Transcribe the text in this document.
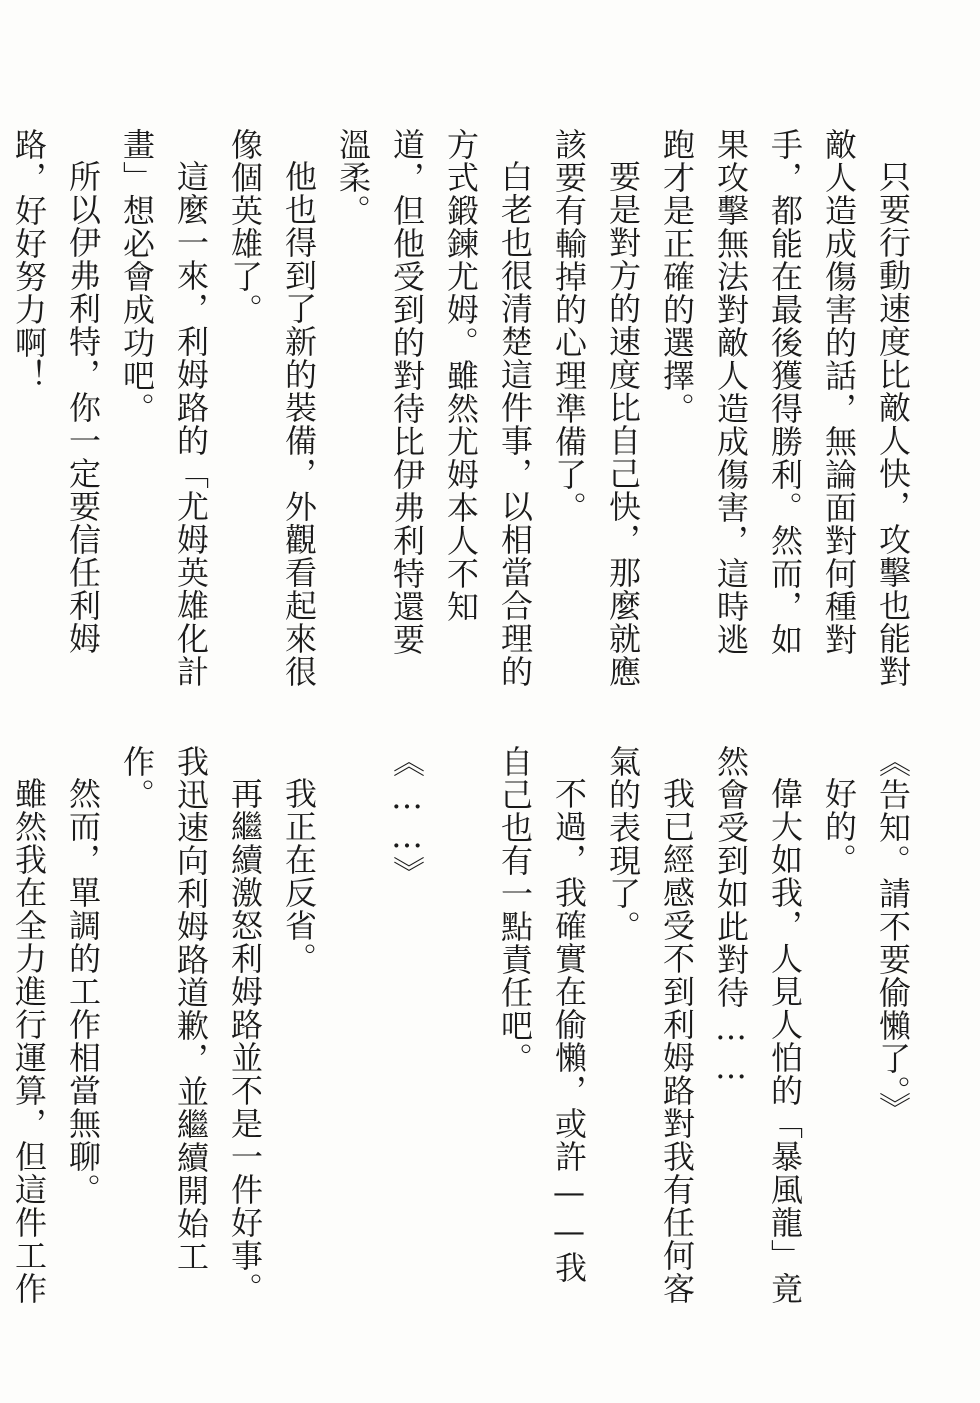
只要行動速度比敵人快，攻擊也能對敵人造成傷害的話，無論面對何種對手，都能在最後獲得勝利。然而，如果攻擊無法對敵人造成傷害，這時逃跑才是正確的選擇。

要是對方的速度比自己快，那麼就應該要有輸掉的心理準備了。

白老也很清楚這件事，以相當合理的方式鍛鍊尤姆。雖然尤姆本人不知道，但他受到的對待比伊弗利特還要溫柔。

他也得到了新的裝備，外觀看起來很像個英雄了。

這麼一來，利姆路的「尤姆英雄化計畫」想必會成功吧。

所以伊弗利特，你一定要信任利姆路，好好努力啊！

《告知。請不要偷懶了。》

好的。

偉大如我，人見人怕的「暴風龍」竟然會受到如此對待……

我已經感受不到利姆路對我有任何客氣的表現了。

不過，我確實在偷懶，或許——我自己也有一點責任吧。

《……》

我正在反省。

再繼續激怒利姆路並不是一件好事。我迅速向利姆路道歉，並繼續開始工作。

然而，單調的工作相當無聊。

雖然我在全力進行運算，但這件工作
